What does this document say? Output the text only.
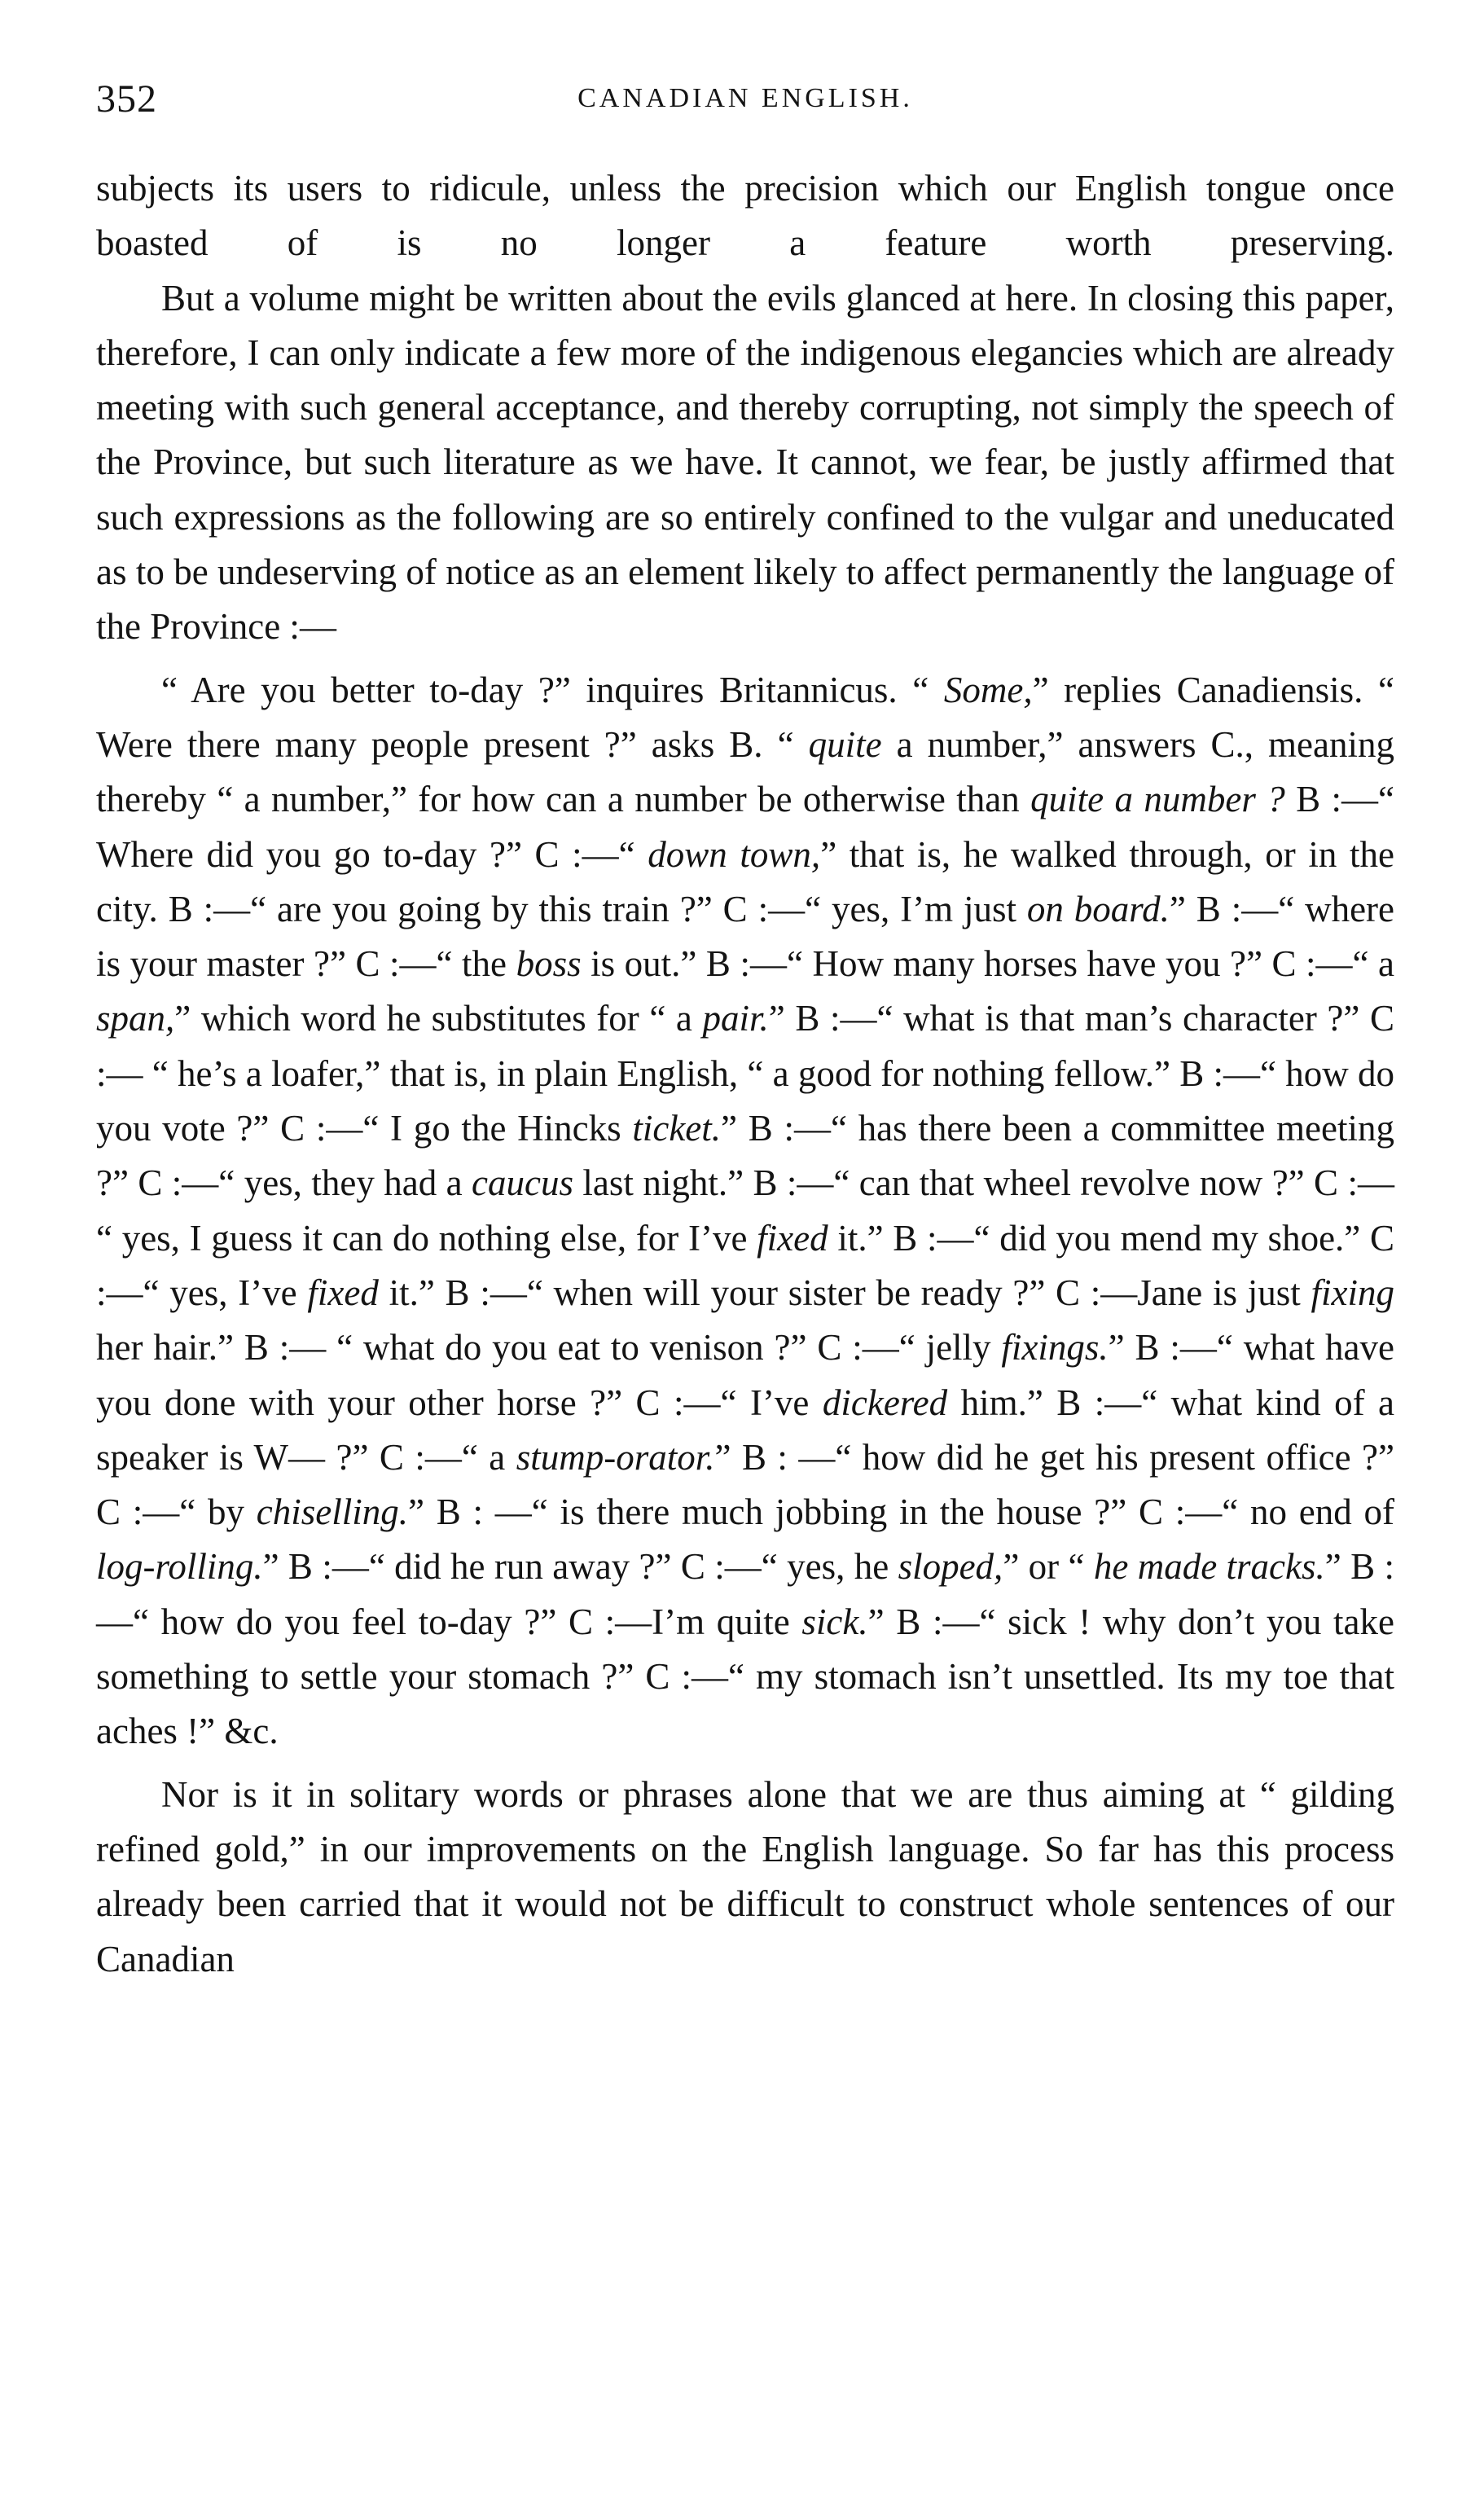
352	CANADIAN ENGLISH.

subjects its users to ridicule, unless the precision which our English tongue once boasted of is no longer a feature worth preserving.

But a volume might be written about the evils glanced at here. In closing this paper, therefore, I can only indicate a few more of the indigenous elegancies which are already meeting with such general acceptance, and thereby corrupting, not simply the speech of the Province, but such literature as we have. It cannot, we fear, be justly affirmed that such expressions as the following are so entirely confined to the vulgar and uneducated as to be undeserving of notice as an element likely to affect permanently the language of the Province :—

“ Are you better to-day ?” inquires Britannicus. “ Some,” replies Canadiensis. “ Were there many people present ?” asks B. “ quite a number,” answers C., meaning thereby “ a number,” for how can a number be otherwise than quite a number ? B :—“ Where did you go to-day ?” C :—“ down town,” that is, he walked through, or in the city. B :—“ are you going by this train ?” C :—“ yes, I’m just on board.” B :—“ where is your master ?” C :—“ the boss is out.” B :—“ How many horses have you ?” C :—“ a span,” which word he substitutes for “ a pair.” B :—“ what is that man’s character ?” C :— “ he’s a loafer,” that is, in plain English, “ a good for nothing fellow.” B :—“ how do you vote ?” C :—“ I go the Hincks ticket.” B :—“ has there been a committee meeting ?” C :—“ yes, they had a caucus last night.” B :—“ can that wheel revolve now ?” C :— “ yes, I guess it can do nothing else, for I’ve fixed it.” B :—“ did you mend my shoe.” C :—“ yes, I’ve fixed it.” B :—“ when will your sister be ready ?” C :—Jane is just fixing her hair.” B :— “ what do you eat to venison ?” C :—“ jelly fixings.” B :—“ what have you done with your other horse ?” C :—“ I’ve dickered him.” B :—“ what kind of a speaker is W— ?” C :—“ a stump-orator.” B : —“ how did he get his present office ?” C :—“ by chiselling.” B : —“ is there much jobbing in the house ?” C :—“ no end of log-rolling.” B :—“ did he run away ?” C :—“ yes, he sloped,” or “ he made tracks.” B :—“ how do you feel to-day ?” C :—I’m quite sick.” B :—“ sick ! why don’t you take something to settle your stomach ?” C :—“ my stomach isn’t unsettled. Its my toe that aches !” &c.

Nor is it in solitary words or phrases alone that we are thus aiming at “ gilding refined gold,” in our improvements on the English language. So far has this process already been carried that it would not be difficult to construct whole sentences of our Canadian
